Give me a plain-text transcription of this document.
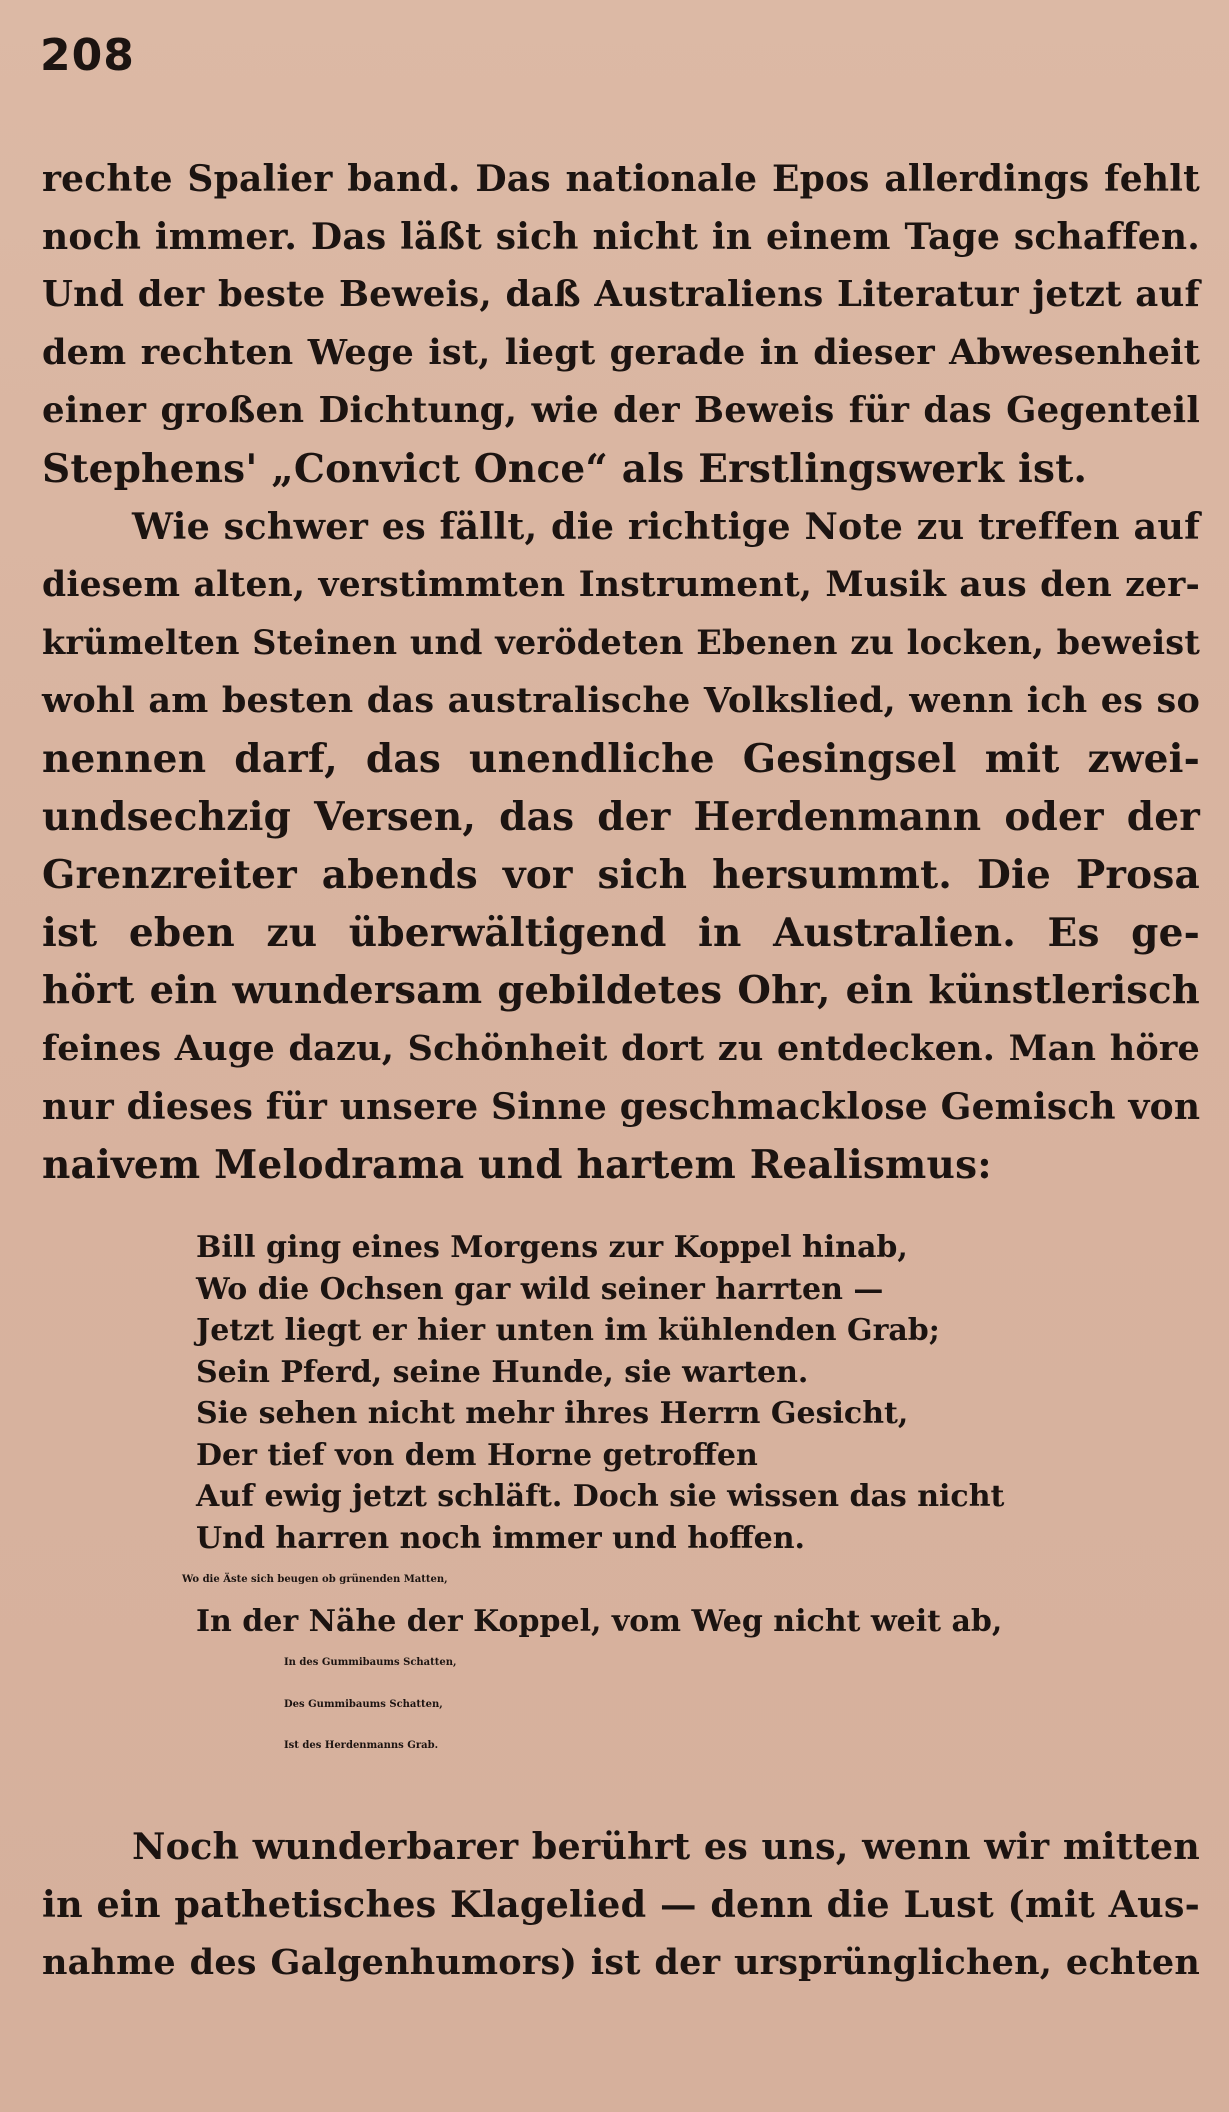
208
rechte Spalier band. Das nationale Epos allerdings fehlt
noch immer. Das läßt sich nicht in einem Tage schaffen.
Und der beste Beweis, daß Australiens Literatur jetzt auf
dem rechten Wege ist, liegt gerade in dieser Abwesenheit
einer großen Dichtung, wie der Beweis für das Gegenteil
Stephens' „Convict Once“ als Erstlingswerk ist.
Wie schwer es fällt, die richtige Note zu treffen auf
diesem alten, verstimmten Instrument, Musik aus den zer-
krümelten Steinen und verödeten Ebenen zu locken, beweist
wohl am besten das australische Volkslied, wenn ich es so
nennen darf, das unendliche Gesingsel mit zwei-
undsechzig Versen, das der Herdenmann oder der
Grenzreiter abends vor sich hersummt. Die Prosa
ist eben zu überwältigend in Australien. Es ge-
hört ein wundersam gebildetes Ohr, ein künstlerisch
feines Auge dazu, Schönheit dort zu entdecken. Man höre
nur dieses für unsere Sinne geschmacklose Gemisch von
naivem Melodrama und hartem Realismus:
Bill ging eines Morgens zur Koppel hinab,
Wo die Ochsen gar wild seiner harrten —
Jetzt liegt er hier unten im kühlenden Grab;
Sein Pferd, seine Hunde, sie warten.
Sie sehen nicht mehr ihres Herrn Gesicht,
Der tief von dem Horne getroffen
Auf ewig jetzt schläft. Doch sie wissen das nicht
Und harren noch immer und hoffen.
Wo die Äste sich beugen ob grünenden Matten,
In der Nähe der Koppel, vom Weg nicht weit ab,
In des Gummibaums Schatten,
Des Gummibaums Schatten,
Ist des Herdenmanns Grab.
Noch wunderbarer berührt es uns, wenn wir mitten
in ein pathetisches Klagelied — denn die Lust (mit Aus-
nahme des Galgenhumors) ist der ursprünglichen, echten
